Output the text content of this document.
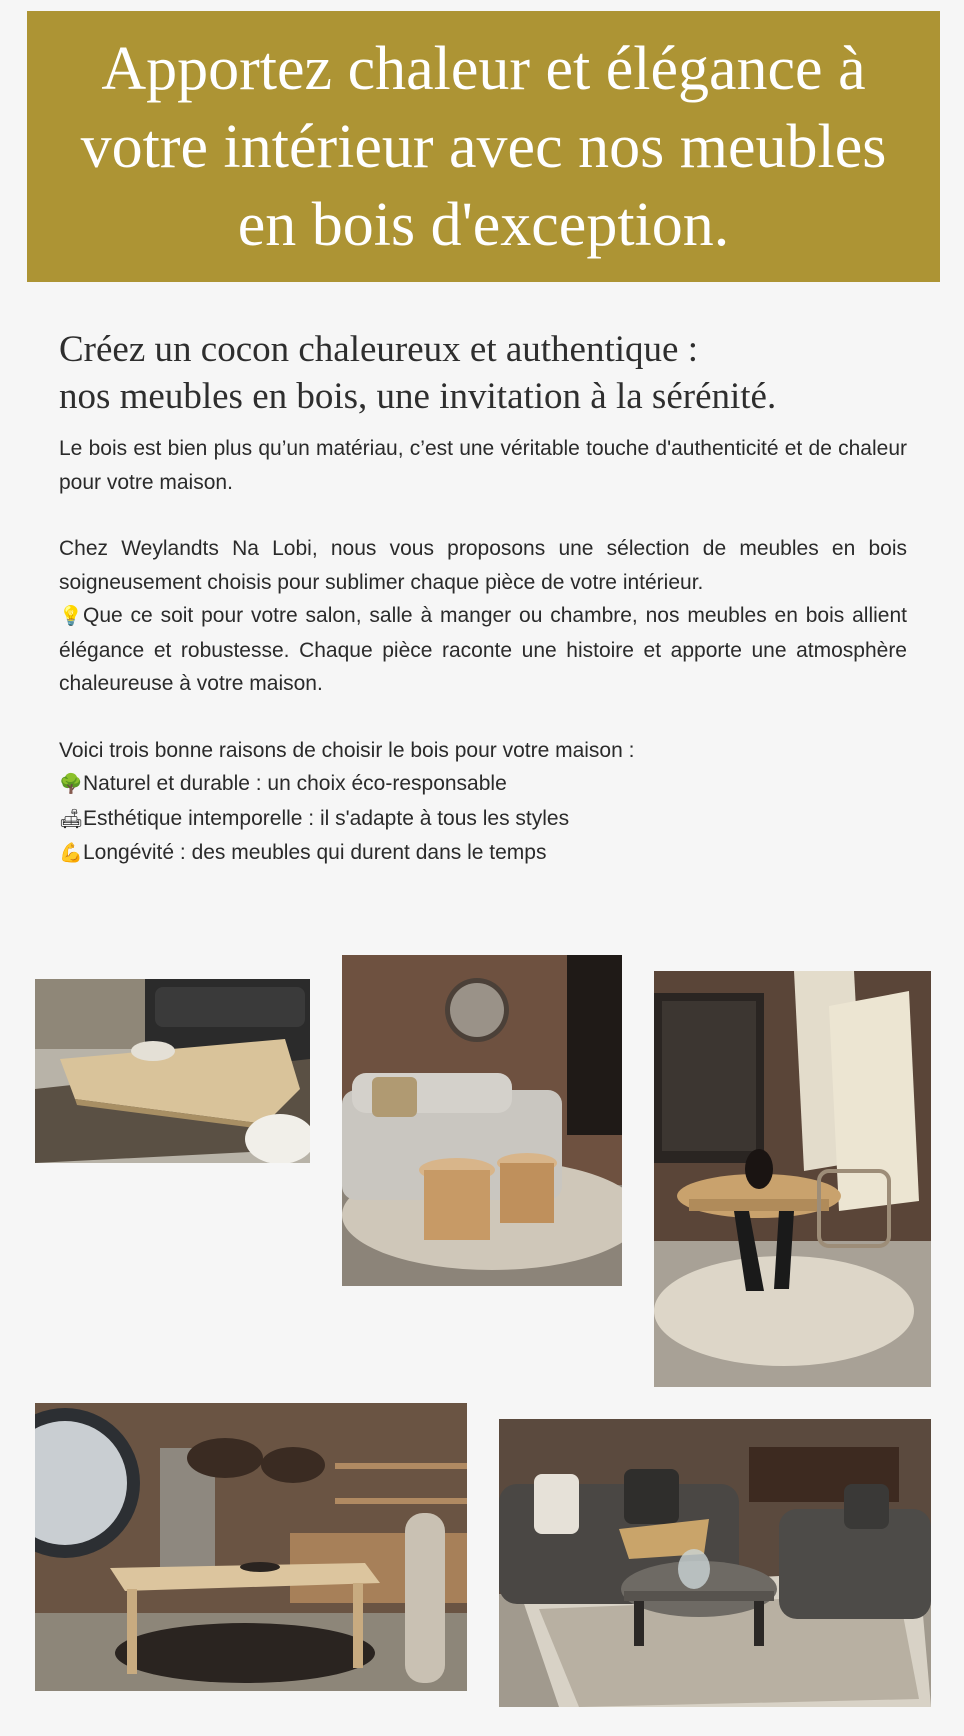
Apportez chaleur et élégance à votre intérieur avec nos meubles en bois d'exception.
Créez un cocon chaleureux et authentique :
nos meubles en bois, une invitation à la sérénité.

Le bois est bien plus qu’un matériau, c’est une véritable touche d'authenticité et de chaleur pour votre maison.

Chez Weylandts Na Lobi, nous vous proposons une sélection de meubles en bois soigneusement choisis pour sublimer chaque pièce de votre intérieur.

💡Que ce soit pour votre salon, salle à manger ou chambre, nos meubles en bois allient élégance et robustesse. Chaque pièce raconte une histoire et apporte une atmosphère chaleureuse à votre maison.

Voici trois bonne raisons de choisir le bois pour votre maison :

🌳Naturel et durable : un choix éco-responsable

🛋Esthétique intemporelle : il s'adapte à tous les styles

💪Longévité : des meubles qui durent dans le temps
